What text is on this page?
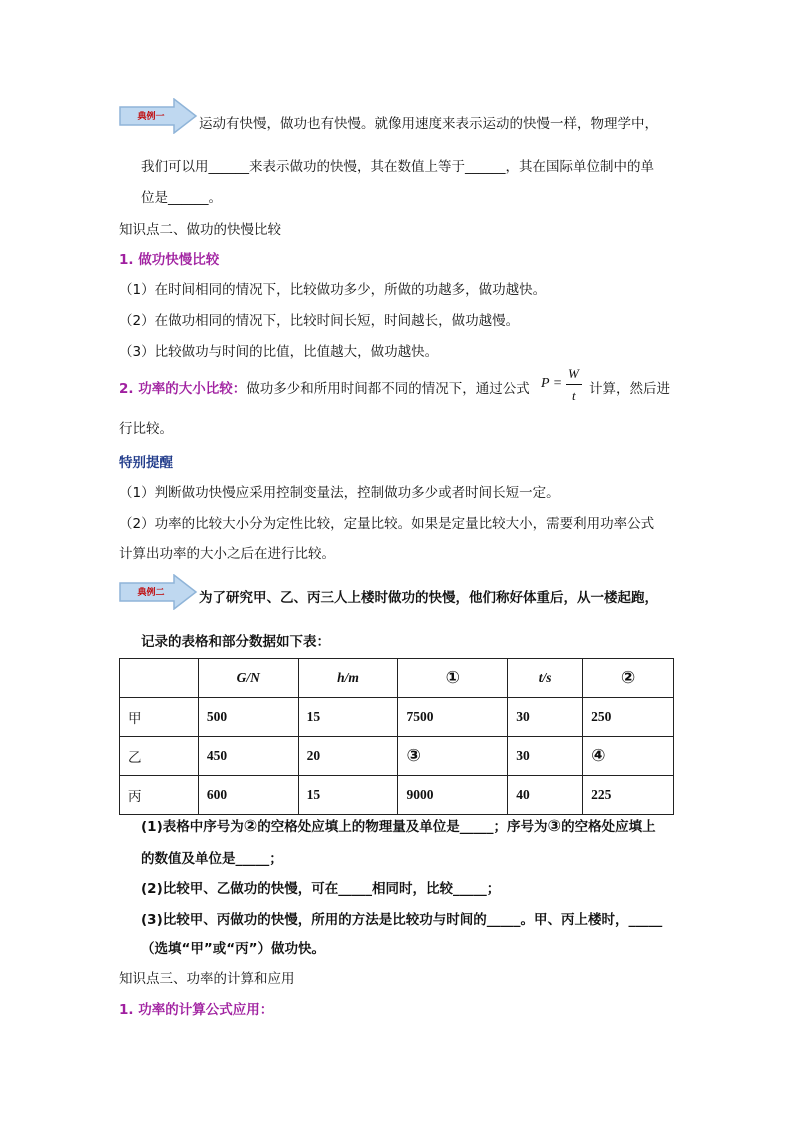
典例一	运动有快慢，做功也有快慢。就像用速度来表示运动的快慢一样，物理学中，
我们可以用______来表示做功的快慢，其在数值上等于______，其在国际单位制中的单
位是______。
知识点二、做功的快慢比较
1. 做功快慢比较
（1）在时间相同的情况下，比较做功多少，所做的功越多，做功越快。
（2）在做功相同的情况下，比较时间长短，时间越长，做功越慢。
（3）比较做功与时间的比值，比值越大，做功越快。
2. 功率的大小比较：做功多少和所用时间都不同的情况下，通过公式 P =
W
t 计算，然后进
行比较。
特别提醒
（1）判断做功快慢应采用控制变量法，控制做功多少或者时间长短一定。
（2）功率的比较大小分为定性比较，定量比较。如果是定量比较大小，需要利用功率公式
计算出功率的大小之后在进行比较。
典例二	为了研究甲、乙、丙三人上楼时做功的快慢，他们称好体重后，从一楼起跑，
记录的表格和部分数据如下表：
	G/N	h/m	①	t/s	②
甲	500	15	7500	30	250
乙	450	20	③	30	④
丙	600	15	9000	40	225
(1)表格中序号为②的空格处应填上的物理量及单位是_____；序号为③的空格处应填上
的数值及单位是_____；
(2)比较甲、乙做功的快慢，可在_____相同时，比较_____；
(3)比较甲、丙做功的快慢，所用的方法是比较功与时间的_____。甲、丙上楼时，_____
（选填“甲”或“丙”）做功快。
知识点三、功率的计算和应用
1. 功率的计算公式应用：
